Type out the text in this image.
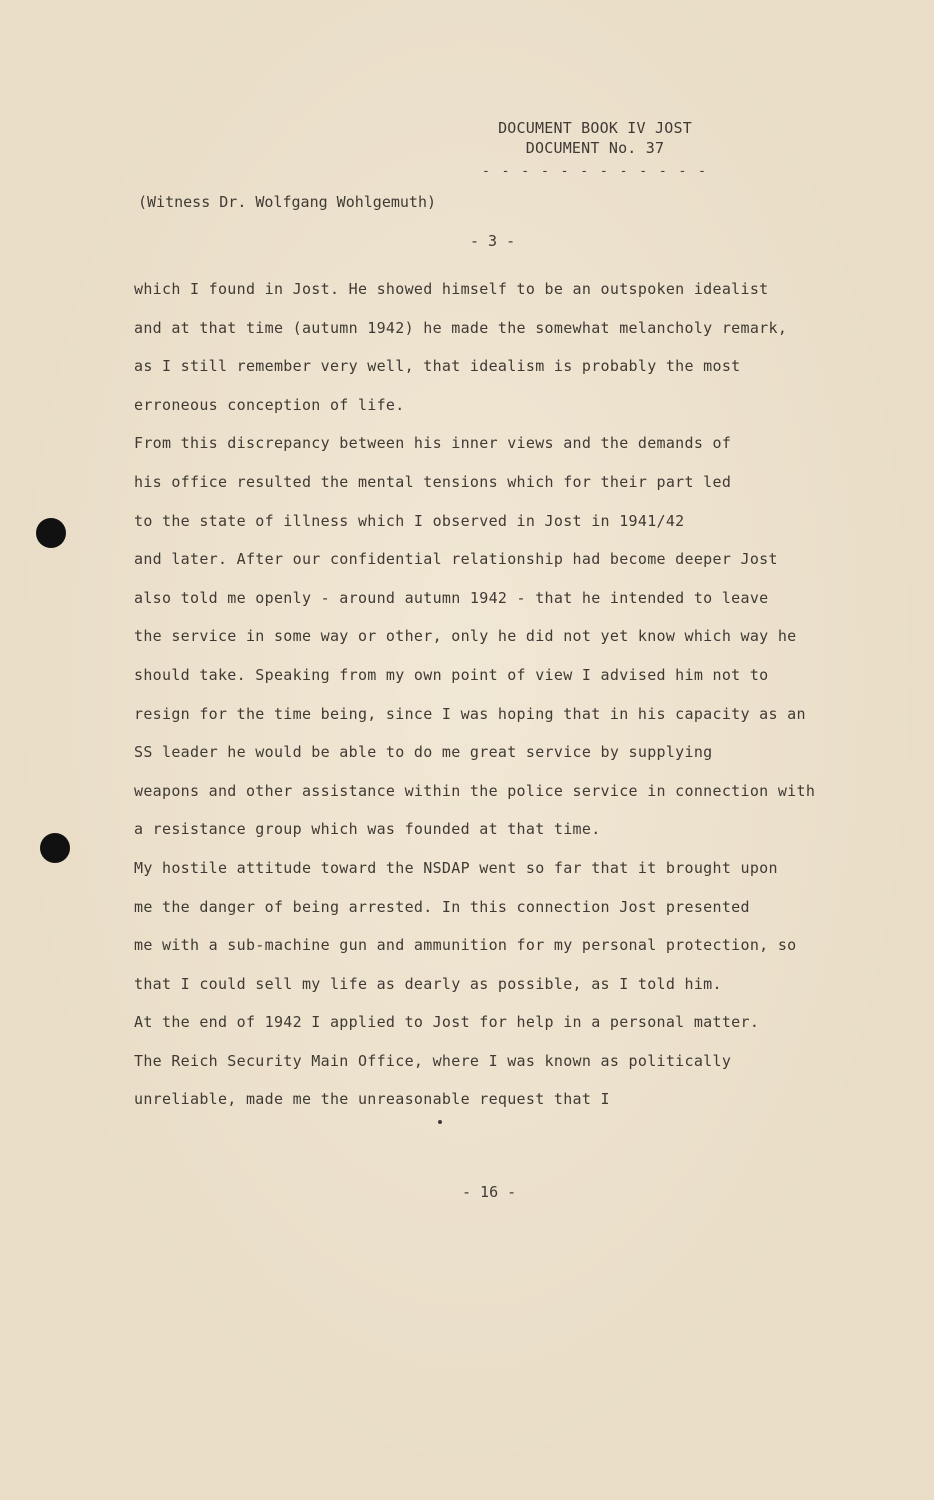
DOCUMENT BOOK IV JOST
DOCUMENT No. 37
- - - - - - - - - - - -
(Witness Dr. Wolfgang Wohlgemuth)
- 3 -
which I found in Jost. He showed himself to be an outspoken idealist
and at that time (autumn 1942) he made the somewhat melancholy remark,
as I still remember very well, that idealism is probably the most
erroneous conception of life.
From this discrepancy between his inner views and the demands of
his office resulted the mental tensions which for their part led
to the state of illness which I observed in Jost in 1941/42
and later. After our confidential relationship had become deeper Jost
also told me openly - around autumn 1942 - that he intended to leave
the service in some way or other, only he did not yet know which way he
should take. Speaking from my own point of view I advised him not to
resign for the time being, since I was hoping that in his capacity as an
SS leader he would be able to do me great service by supplying
weapons and other assistance within the police service in connection with
a resistance group which was founded at that time.
My hostile attitude toward the NSDAP went so far that it brought upon
me the danger of being arrested. In this connection Jost presented
me with a sub-machine gun and ammunition for my personal protection, so
that I could sell my life as dearly as possible, as I told him.
At the end of 1942 I applied to Jost for help in a personal matter.
The Reich Security Main Office, where I was known as politically
unreliable, made me the unreasonable request that I
- 16 -
